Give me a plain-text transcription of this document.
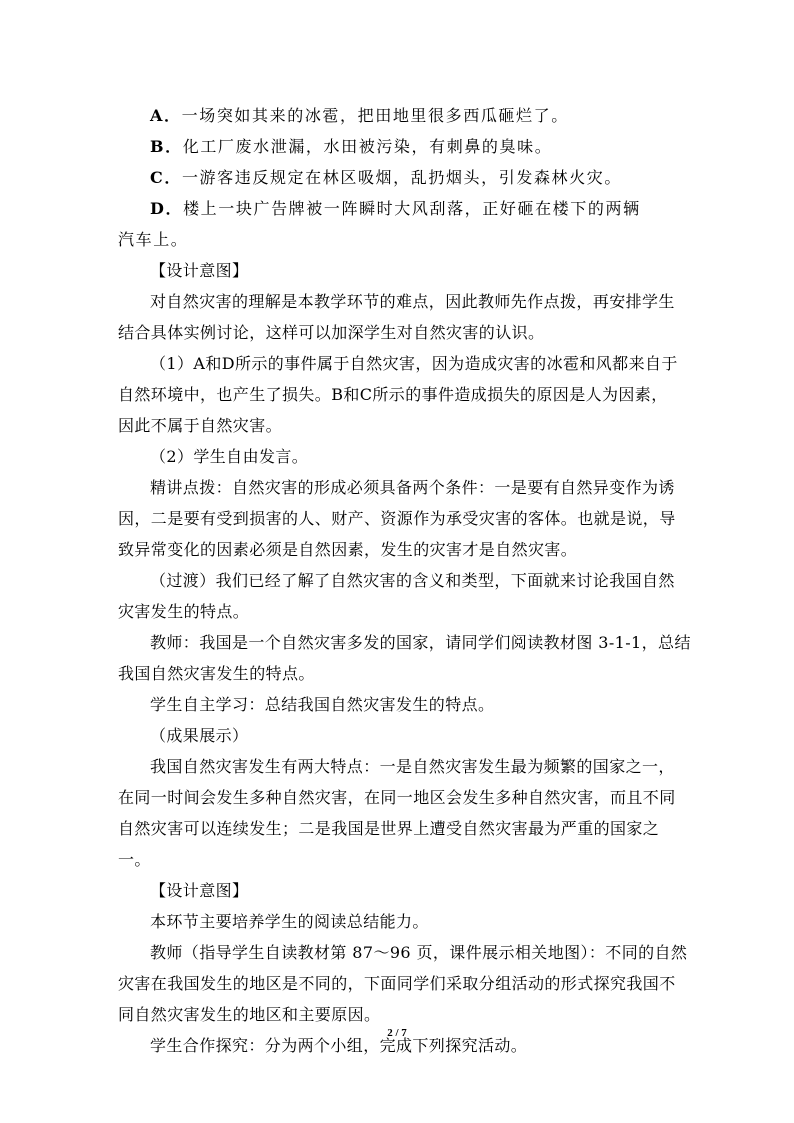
A．一场突如其来的冰雹，把田地里很多西瓜砸烂了。
B．化工厂废水泄漏，水田被污染，有刺鼻的臭味。
C．一游客违反规定在林区吸烟，乱扔烟头，引发森林火灾。
D．楼上一块广告牌被一阵瞬时大风刮落，正好砸在楼下的两辆
汽车上。
【设计意图】
对自然灾害的理解是本教学环节的难点，因此教师先作点拨，再安排学生
结合具体实例讨论，这样可以加深学生对自然灾害的认识。
（1）A和D所示的事件属于自然灾害，因为造成灾害的冰雹和风都来自于
自然环境中，也产生了损失。B和C所示的事件造成损失的原因是人为因素，
因此不属于自然灾害。
（2）学生自由发言。
精讲点拨：自然灾害的形成必须具备两个条件：一是要有自然异变作为诱
因，二是要有受到损害的人、财产、资源作为承受灾害的客体。也就是说，导
致异常变化的因素必须是自然因素，发生的灾害才是自然灾害。
（过渡）我们已经了解了自然灾害的含义和类型，下面就来讨论我国自然
灾害发生的特点。
教师：我国是一个自然灾害多发的国家，请同学们阅读教材图 3-1-1，总结
我国自然灾害发生的特点。
学生自主学习：总结我国自然灾害发生的特点。
（成果展示）
我国自然灾害发生有两大特点：一是自然灾害发生最为频繁的国家之一，
在同一时间会发生多种自然灾害，在同一地区会发生多种自然灾害，而且不同
自然灾害可以连续发生；二是我国是世界上遭受自然灾害最为严重的国家之
一。
【设计意图】
本环节主要培养学生的阅读总结能力。
教师（指导学生自读教材第 87～96 页，课件展示相关地图）：不同的自然
灾害在我国发生的地区是不同的，下面同学们采取分组活动的形式探究我国不
同自然灾害发生的地区和主要原因。
学生合作探究：分为两个小组，完成下列探究活动。
2 / 7
